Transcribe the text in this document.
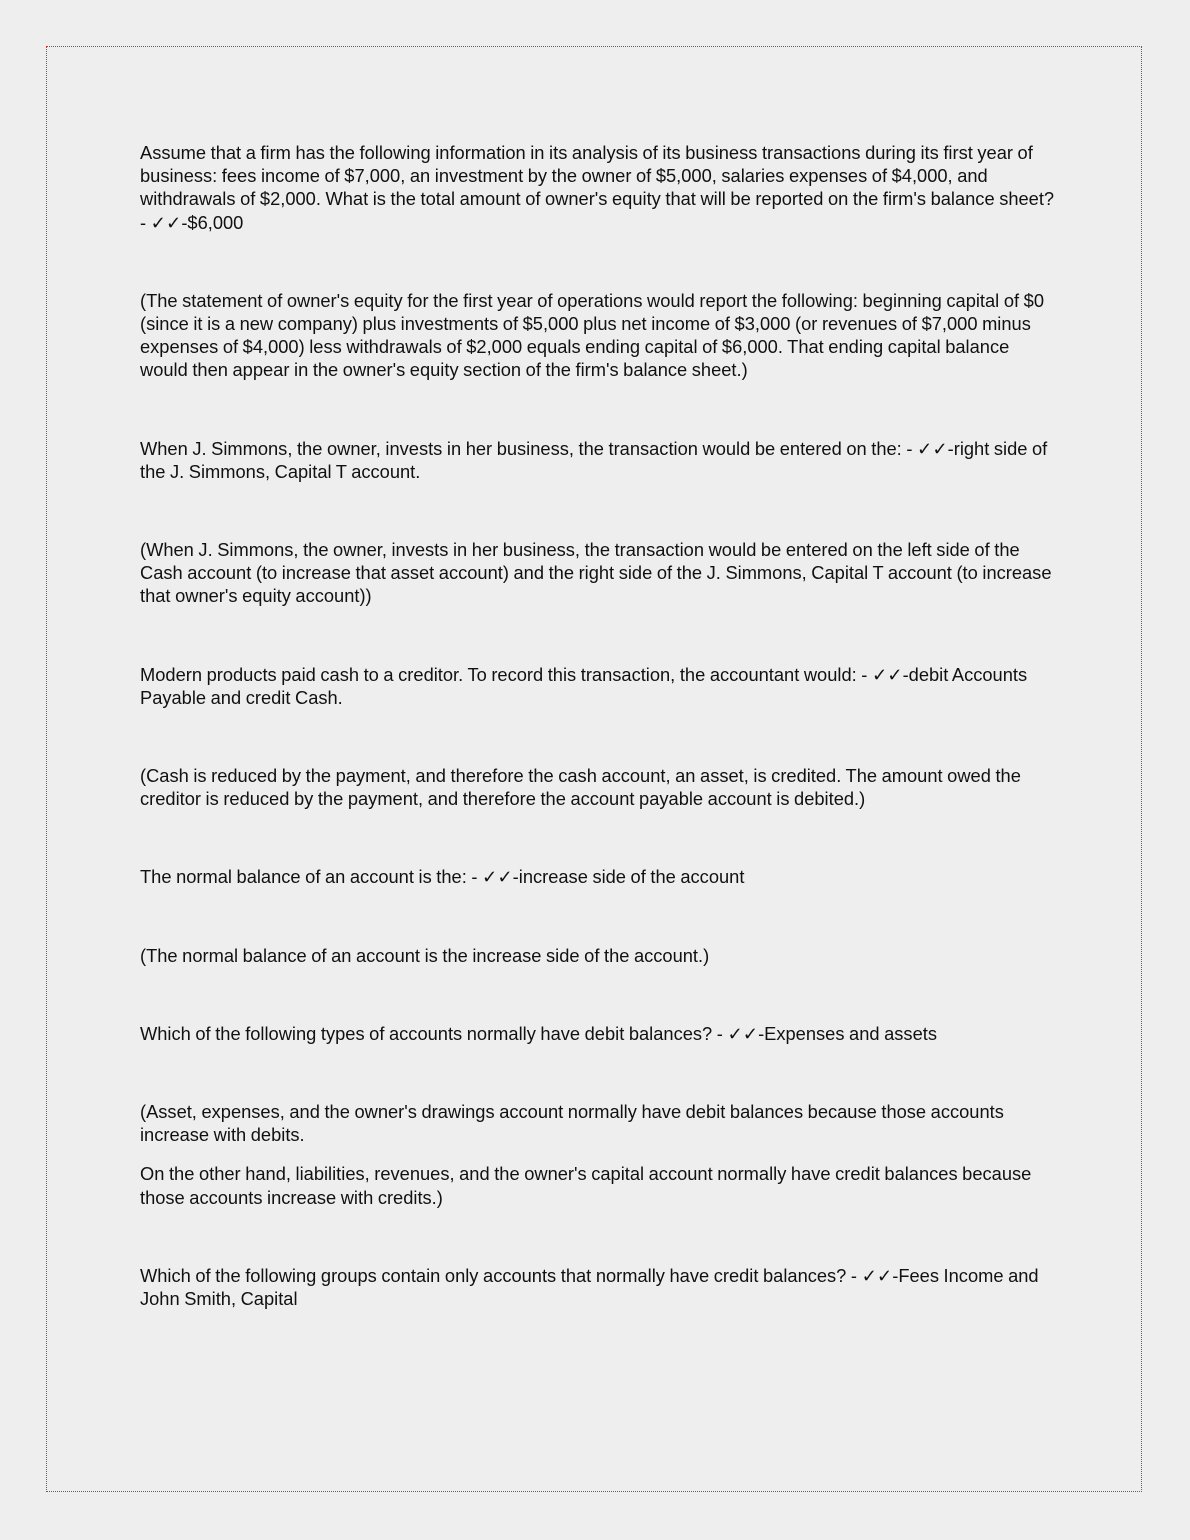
Assume that a firm has the following information in its analysis of its business transactions during its first year of business: fees income of $7,000, an investment by the owner of $5,000, salaries expenses of $4,000, and withdrawals of $2,000. What is the total amount of owner's equity that will be reported on the firm's balance sheet? - ✓✓-$6,000

(The statement of owner's equity for the first year of operations would report the following: beginning capital of $0 (since it is a new company) plus investments of $5,000 plus net income of $3,000 (or revenues of $7,000 minus expenses of $4,000) less withdrawals of $2,000 equals ending capital of $6,000. That ending capital balance would then appear in the owner's equity section of the firm's balance sheet.)

When J. Simmons, the owner, invests in her business, the transaction would be entered on the: - ✓✓-right side of the J. Simmons, Capital T account.

(When J. Simmons, the owner, invests in her business, the transaction would be entered on the left side of the Cash account (to increase that asset account) and the right side of the J. Simmons, Capital T account (to increase that owner's equity account))

Modern products paid cash to a creditor. To record this transaction, the accountant would: - ✓✓-debit Accounts Payable and credit Cash.

(Cash is reduced by the payment, and therefore the cash account, an asset, is credited. The amount owed the creditor is reduced by the payment, and therefore the account payable account is debited.)

The normal balance of an account is the: - ✓✓-increase side of the account

(The normal balance of an account is the increase side of the account.)

Which of the following types of accounts normally have debit balances? - ✓✓-Expenses and assets

(Asset, expenses, and the owner's drawings account normally have debit balances because those accounts increase with debits.

On the other hand, liabilities, revenues, and the owner's capital account normally have credit balances because those accounts increase with credits.)

Which of the following groups contain only accounts that normally have credit balances? - ✓✓-Fees Income and John Smith, Capital
